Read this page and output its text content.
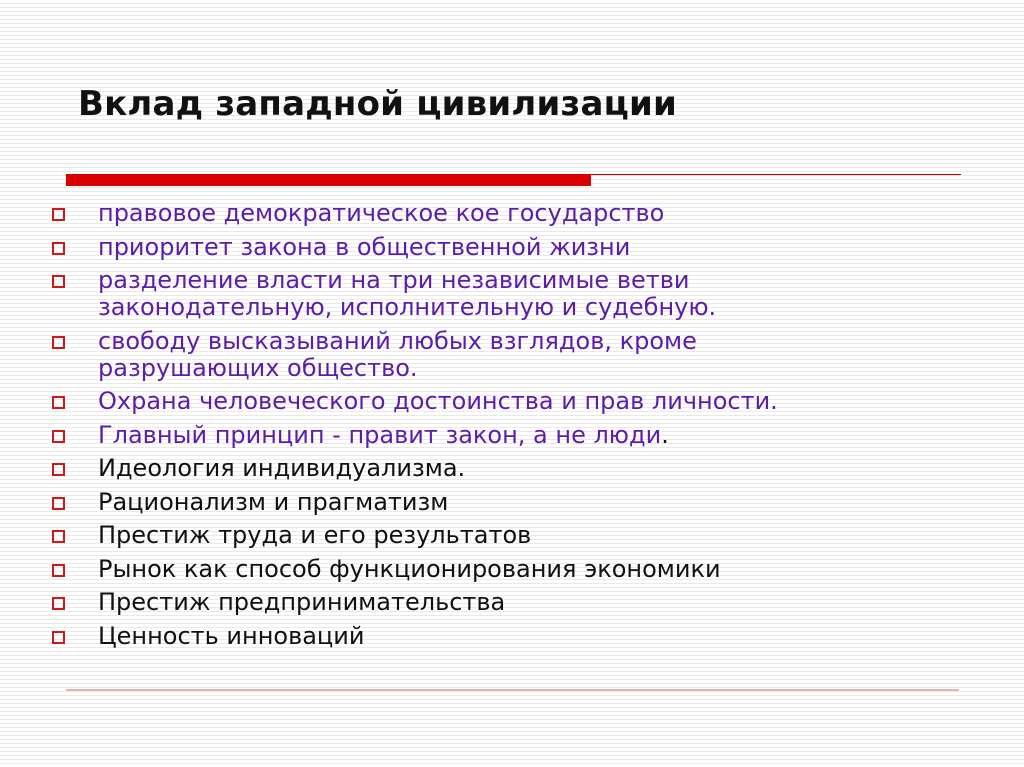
Вклад западной цивилизации
правовое демократическое кое государство
приоритет закона в общественной жизни
разделение власти на три независимые ветви
законодательную, исполнительную и судебную.
свободу высказываний любых взглядов, кроме
разрушающих общество.
Охрана человеческого достоинства и прав личности.
Главный принцип - правит закон, а не люди.
Идеология индивидуализма.
Рационализм и прагматизм
Престиж труда и его результатов
Рынок как способ функционирования экономики
Престиж предпринимательства
Ценность инноваций
